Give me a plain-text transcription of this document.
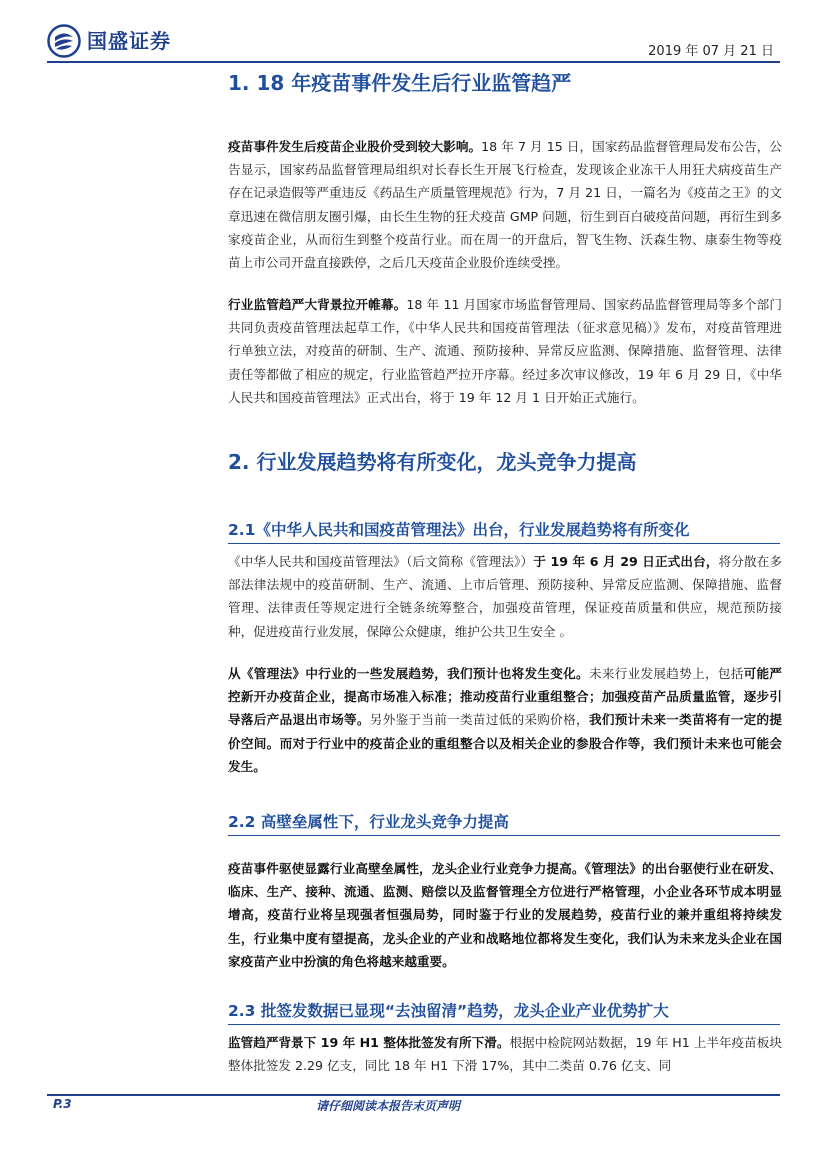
国盛证券	2019 年 07 月 21 日
1. 18 年疫苗事件发生后行业监管趋严
疫苗事件发生后疫苗企业股价受到较大影响。18 年 7 月 15 日，国家药品监督管理局发布公告，公告显示，国家药品监督管理局组织对长春长生开展飞行检查，发现该企业冻干人用狂犬病疫苗生产存在记录造假等严重违反《药品生产质量管理规范》行为，7 月 21 日，一篇名为《疫苗之王》的文章迅速在微信朋友圈引爆，由长生生物的狂犬疫苗 GMP 问题，衍生到百白破疫苗问题，再衍生到多家疫苗企业，从而衍生到整个疫苗行业。而在周一的开盘后，智飞生物、沃森生物、康泰生物等疫苗上市公司开盘直接跌停，之后几天疫苗企业股价连续受挫。
行业监管趋严大背景拉开帷幕。18 年 11 月国家市场监督管理局、国家药品监督管理局等多个部门共同负责疫苗管理法起草工作，《中华人民共和国疫苗管理法（征求意见稿）》发布，对疫苗管理进行单独立法，对疫苗的研制、生产、流通、预防接种、异常反应监测、保障措施、监督管理、法律责任等都做了相应的规定，行业监管趋严拉开序幕。经过多次审议修改，19 年 6 月 29 日，《中华人民共和国疫苗管理法》正式出台，将于 19 年 12 月 1 日开始正式施行。
2. 行业发展趋势将有所变化，龙头竞争力提高
2.1《中华人民共和国疫苗管理法》出台，行业发展趋势将有所变化
《中华人民共和国疫苗管理法》（后文简称《管理法》）于 19 年 6 月 29 日正式出台，将分散在多部法律法规中的疫苗研制、生产、流通、上市后管理、预防接种、异常反应监测、保障措施、监督管理、法律责任等规定进行全链条统筹整合，加强疫苗管理，保证疫苗质量和供应，规范预防接种，促进疫苗行业发展，保障公众健康，维护公共卫生安全 。
从《管理法》中行业的一些发展趋势，我们预计也将发生变化。未来行业发展趋势上，包括可能严控新开办疫苗企业，提高市场准入标准；推动疫苗行业重组整合；加强疫苗产品质量监管，逐步引导落后产品退出市场等。另外鉴于当前一类苗过低的采购价格，我们预计未来一类苗将有一定的提价空间。而对于行业中的疫苗企业的重组整合以及相关企业的参股合作等，我们预计未来也可能会发生。
2.2 高壁垒属性下，行业龙头竞争力提高
疫苗事件驱使显露行业高壁垒属性，龙头企业行业竞争力提高。《管理法》的出台驱使行业在研发、临床、生产、接种、流通、监测、赔偿以及监督管理全方位进行严格管理，小企业各环节成本明显增高，疫苗行业将呈现强者恒强局势，同时鉴于行业的发展趋势，疫苗行业的兼并重组将持续发生，行业集中度有望提高，龙头企业的产业和战略地位都将发生变化，我们认为未来龙头企业在国家疫苗产业中扮演的角色将越来越重要。
2.3 批签发数据已显现“去浊留清”趋势，龙头企业产业优势扩大
监管趋严背景下 19 年 H1 整体批签发有所下滑。根据中检院网站数据，19 年 H1 上半年疫苗板块整体批签发 2.29 亿支，同比 18 年 H1 下滑 17%，其中二类苗 0.76 亿支、同
P.3	请仔细阅读本报告末页声明
